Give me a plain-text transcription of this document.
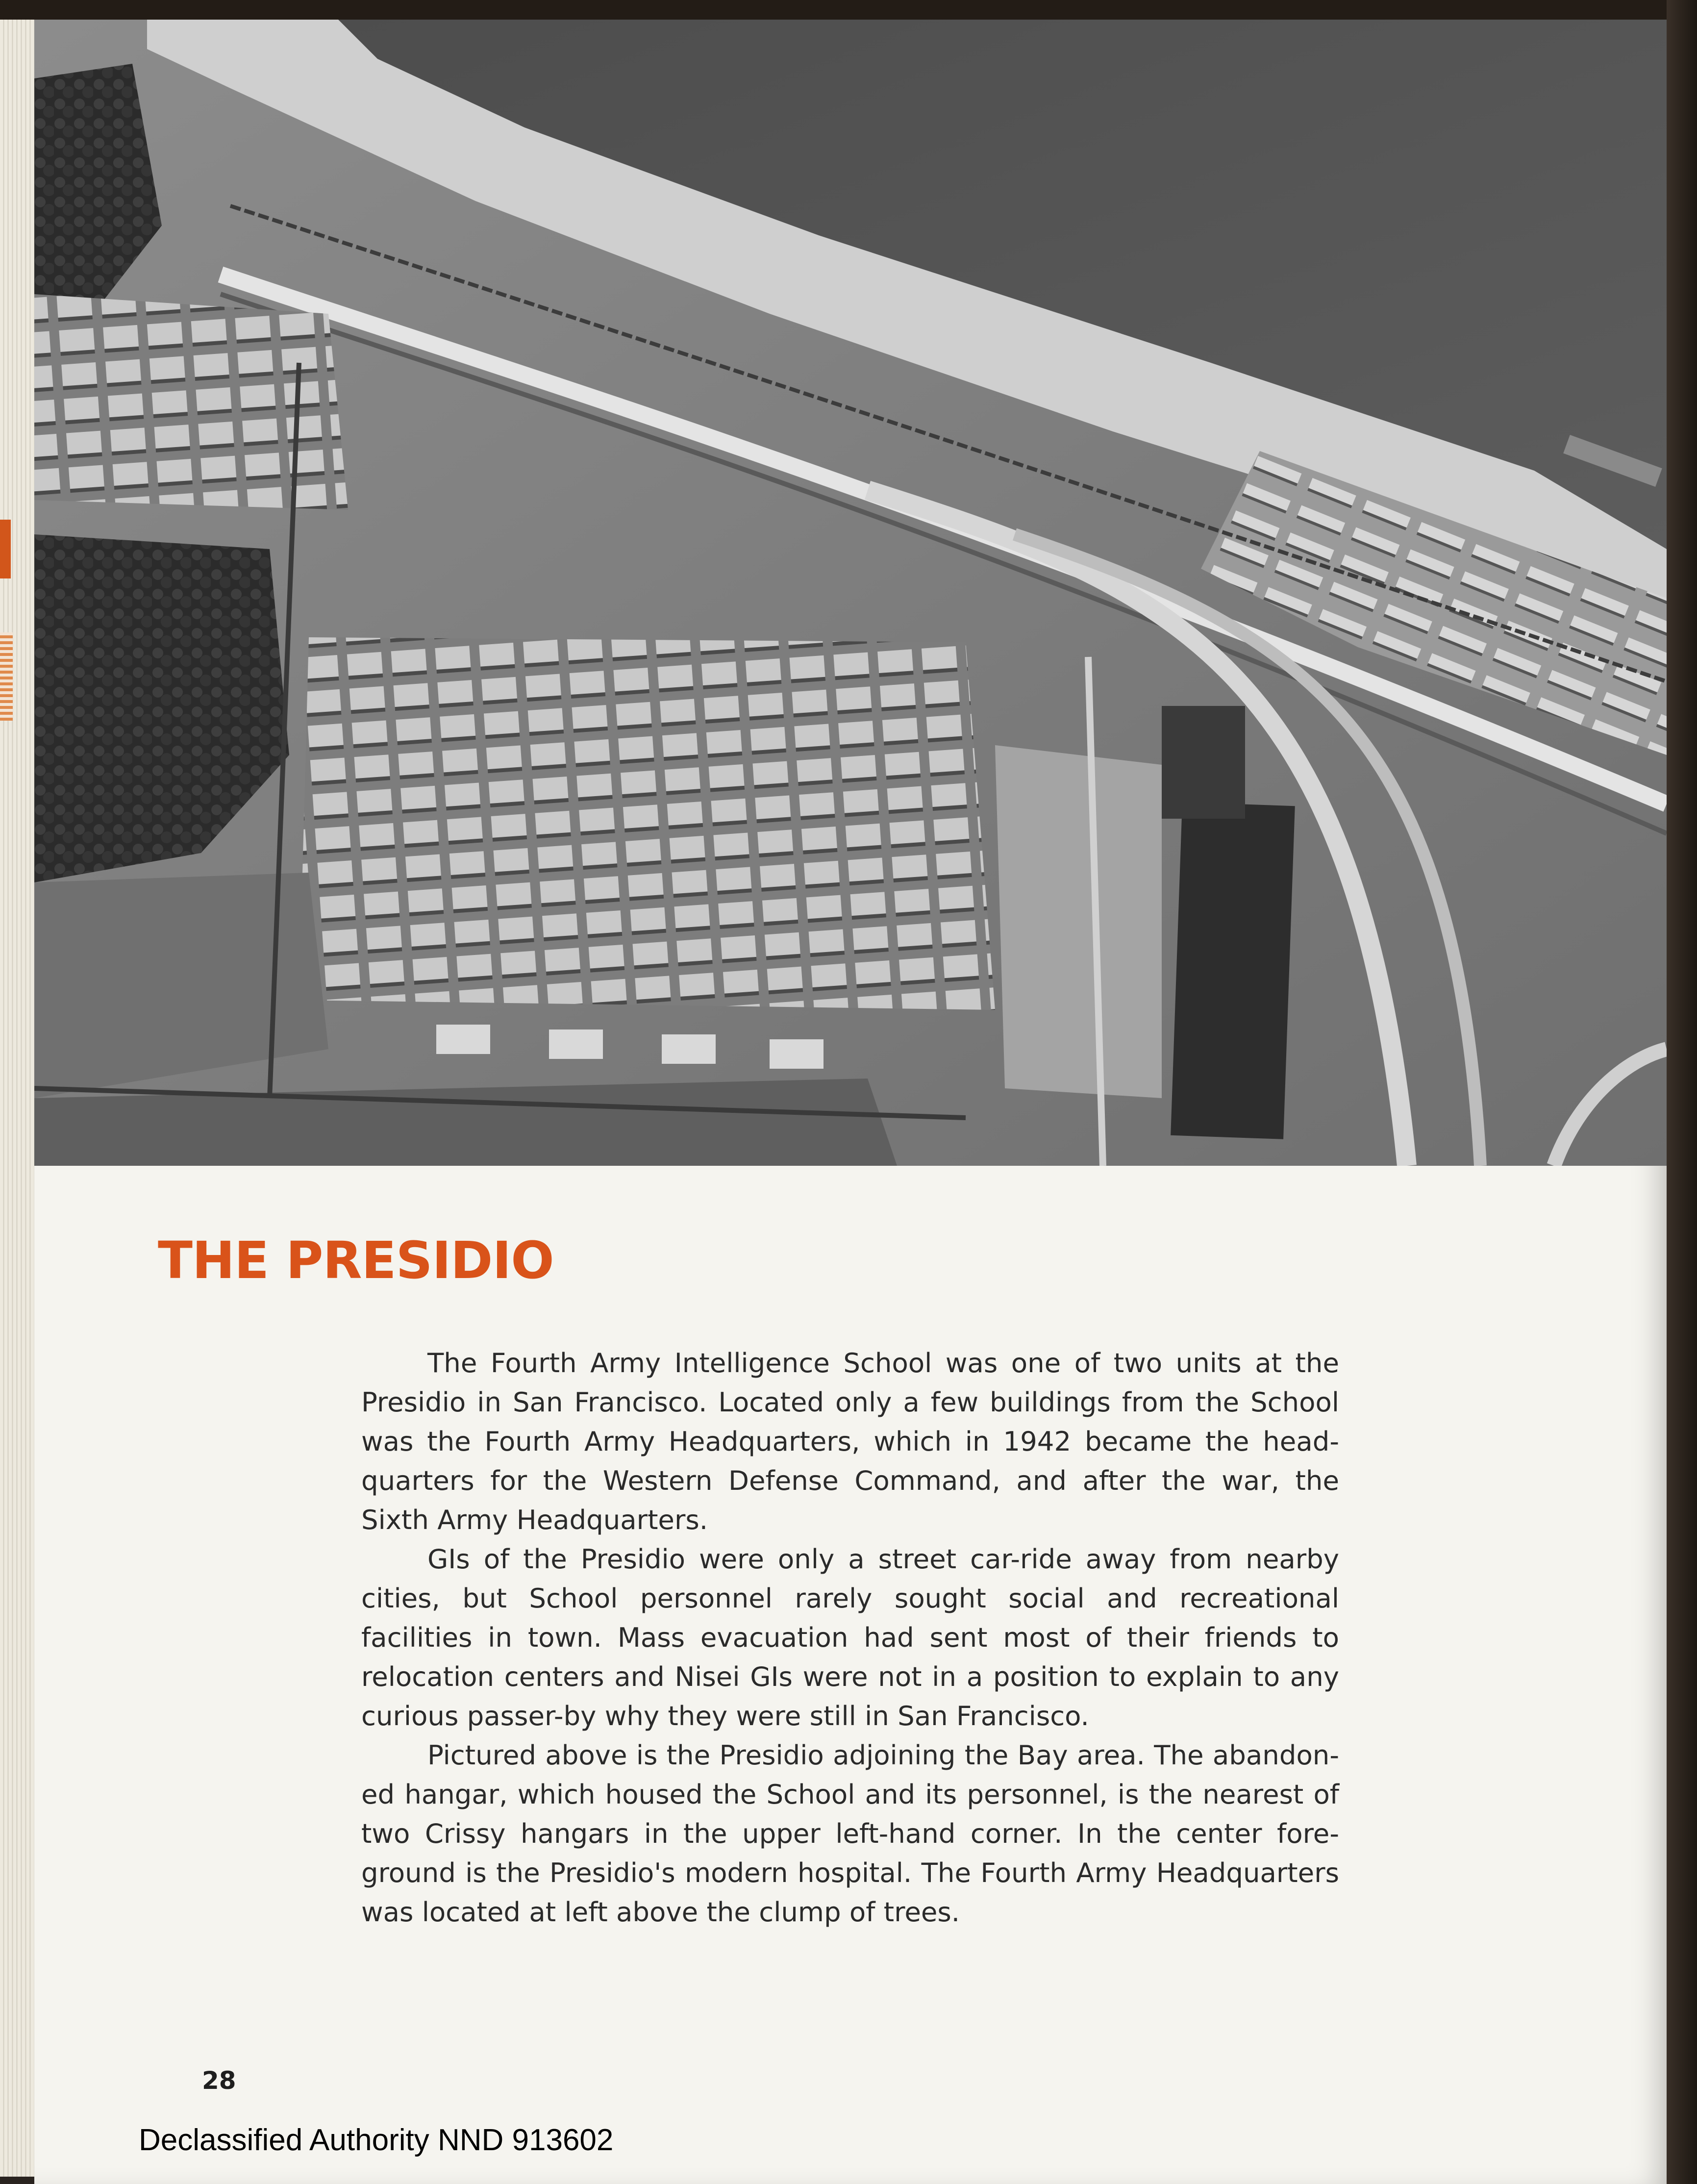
THE PRESIDIO

The Fourth Army Intelligence School was one of two units at the Presidio in San Francisco. Located only a few buildings from the School was the Fourth Army Headquarters, which in 1942 became the headquarters for the Western Defense Command, and after the war, the Sixth Army Headquarters.

GIs of the Presidio were only a street car-ride away from nearby cities, but School personnel rarely sought social and recreational facilities in town. Mass evacuation had sent most of their friends to relocation centers and Nisei GIs were not in a position to explain to any curious passer-by why they were still in San Francisco.

Pictured above is the Presidio adjoining the Bay area. The abandoned hangar, which housed the School and its personnel, is the nearest of two Crissy hangars in the upper left-hand corner. In the center foreground is the Presidio's modern hospital. The Fourth Army Headquarters was located at left above the clump of trees.

28
Declassified Authority NND 913602
